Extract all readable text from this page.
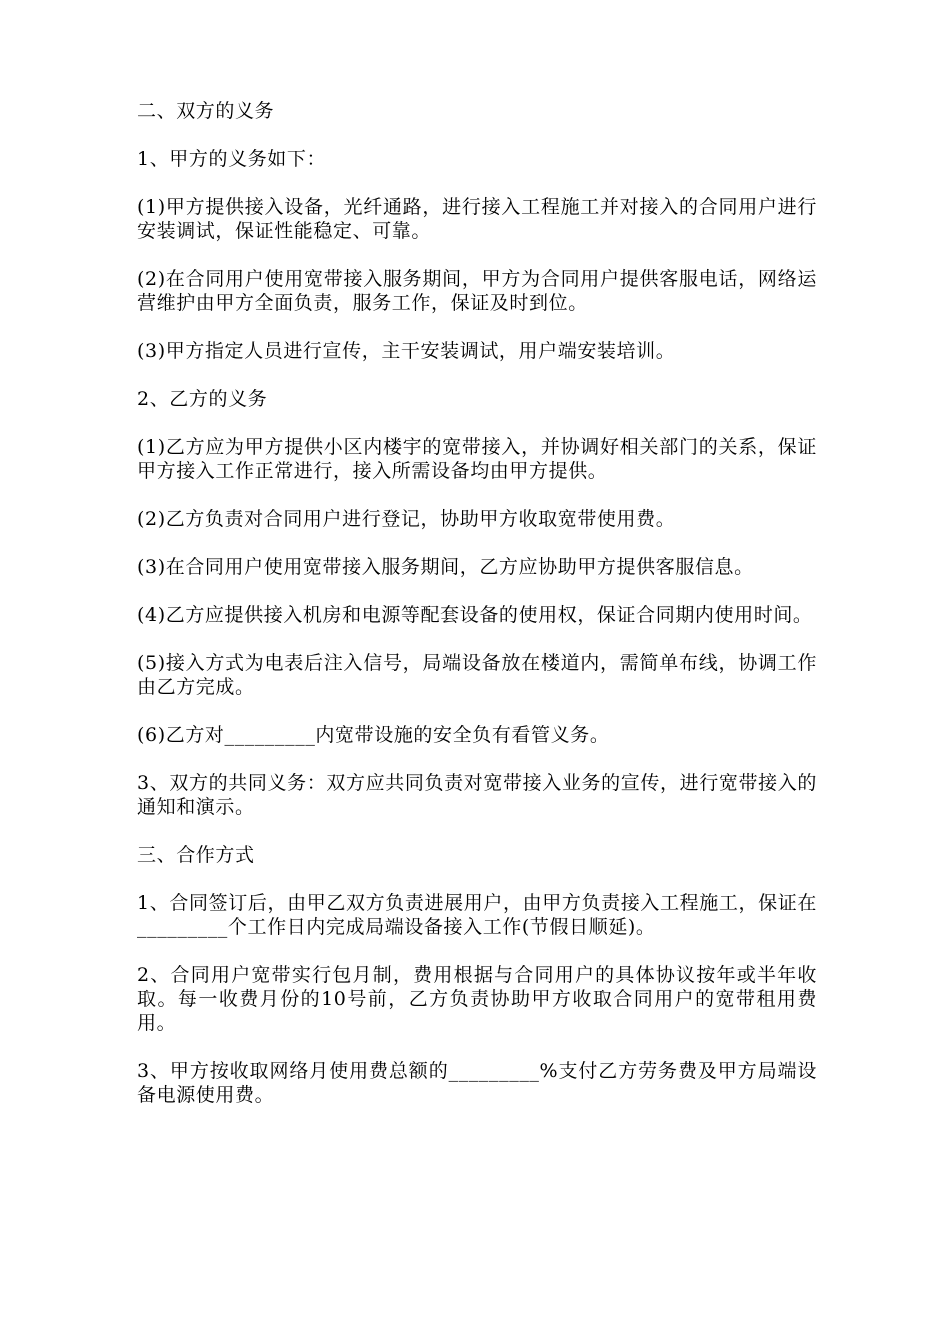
二、双方的义务

1、甲方的义务如下：

(1)甲方提供接入设备，光纤通路，进行接入工程施工并对接入的合同用户进行安装调试，保证性能稳定、可靠。

(2)在合同用户使用宽带接入服务期间，甲方为合同用户提供客服电话，网络运营维护由甲方全面负责，服务工作，保证及时到位。

(3)甲方指定人员进行宣传，主干安装调试，用户端安装培训。

2、乙方的义务

(1)乙方应为甲方提供小区内楼宇的宽带接入，并协调好相关部门的关系，保证甲方接入工作正常进行，接入所需设备均由甲方提供。

(2)乙方负责对合同用户进行登记，协助甲方收取宽带使用费。

(3)在合同用户使用宽带接入服务期间，乙方应协助甲方提供客服信息。

(4)乙方应提供接入机房和电源等配套设备的使用权，保证合同期内使用时间。

(5)接入方式为电表后注入信号，局端设备放在楼道内，需简单布线，协调工作由乙方完成。

(6)乙方对_________内宽带设施的安全负有看管义务。

3、双方的共同义务：双方应共同负责对宽带接入业务的宣传，进行宽带接入的通知和演示。

三、合作方式

1、合同签订后，由甲乙双方负责进展用户，由甲方负责接入工程施工，保证在_________个工作日内完成局端设备接入工作(节假日顺延)。

2、合同用户宽带实行包月制，费用根据与合同用户的具体协议按年或半年收取。每一收费月份的10号前，乙方负责协助甲方收取合同用户的宽带租用费用。

3、甲方按收取网络月使用费总额的_________%支付乙方劳务费及甲方局端设备电源使用费。
